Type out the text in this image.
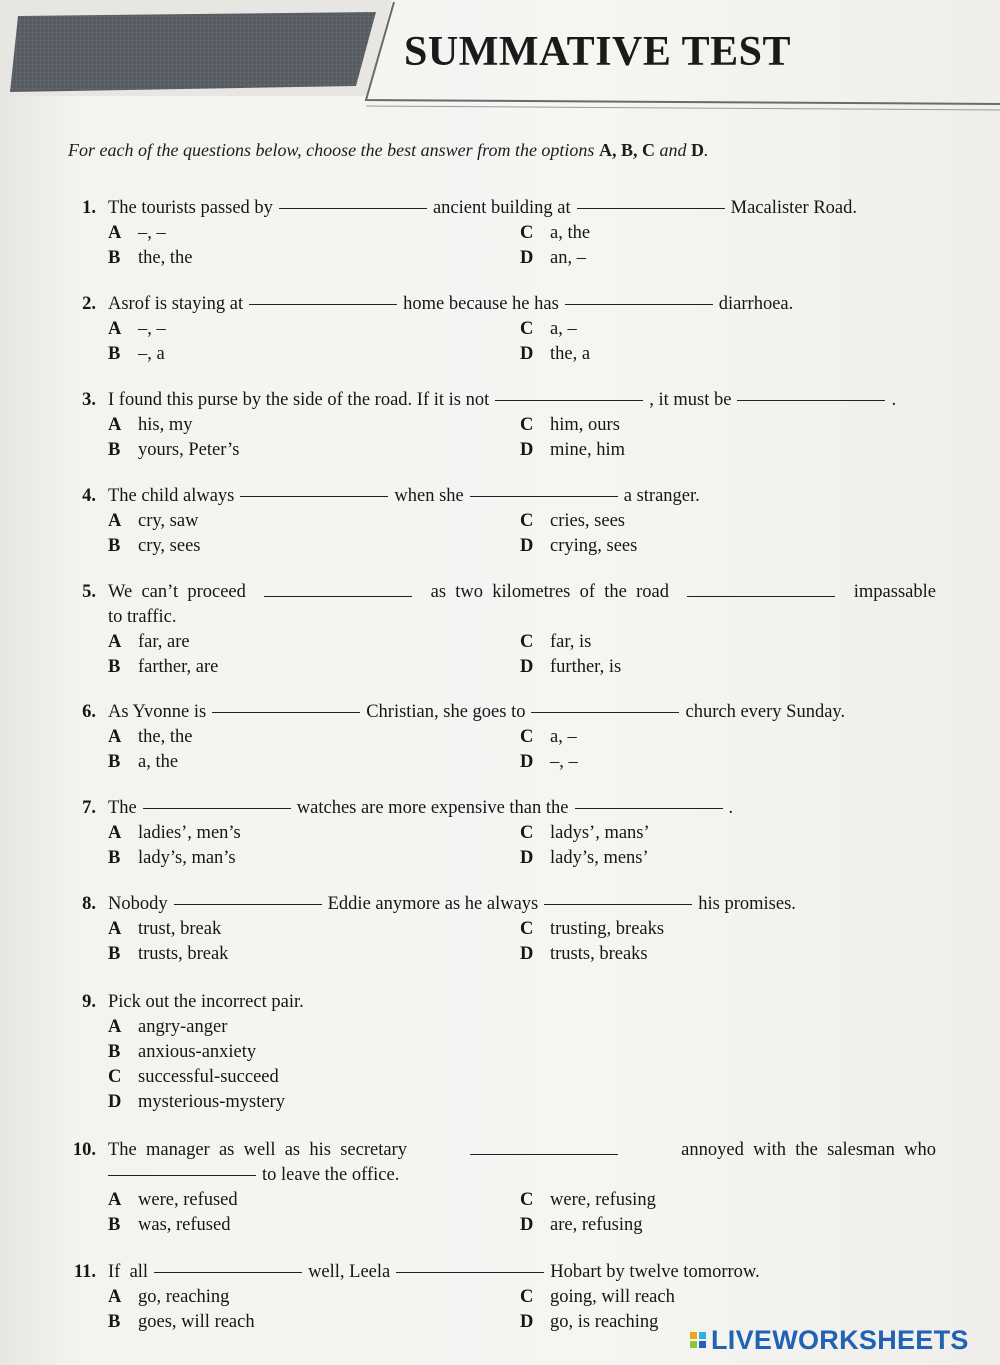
SUMMATIVE TEST
For each of the questions below, choose the best answer from the options A, B, C and D.
1. The tourists passed by	ancient building at	Macalister Road.
A –, –
B the, the
C a, the
D an, –
2. Asrof is staying at	home because he has	diarrhoea.
A –, –
B –, a
C a, –
D the, a
3. I found this purse by the side of the road. If it is not	, it must be	.
A his, my
B yours, Peter’s
C him, ours
D mine, him
4. The child always	when she	a stranger.
A cry, saw
B cry, sees
C cries, sees
D crying, sees
5. We  can’t  proceed	as  two  kilometres  of  the  road	impassable
to traffic.
A far, are
B farther, are
C far, is
D further, is
6. As Yvonne is	Christian, she goes to	church every Sunday.
A the, the
B a, the
C a, –
D –, –
7. The	watches are more expensive than the	.
A ladies’, men’s
B lady’s, man’s
C ladys’, mans’
D lady’s, mens’
8. Nobody	Eddie anymore as he always	his promises.
A trust, break
B trusts, break
C trusting, breaks
D trusts, breaks
9. Pick out the incorrect pair.
A angry-anger
B anxious-anxiety
C successful-succeed
D mysterious-mystery
10. The  manager  as  well  as  his  secretary	annoyed  with  the  salesman  who
to leave the office.
A were, refused
B was, refused
C were, refusing
D are, refusing
11. If  all	well, Leela	Hobart by twelve tomorrow.
A go, reaching
B goes, will reach
C going, will reach
D go, is reaching
LIVEWORKSHEETS
